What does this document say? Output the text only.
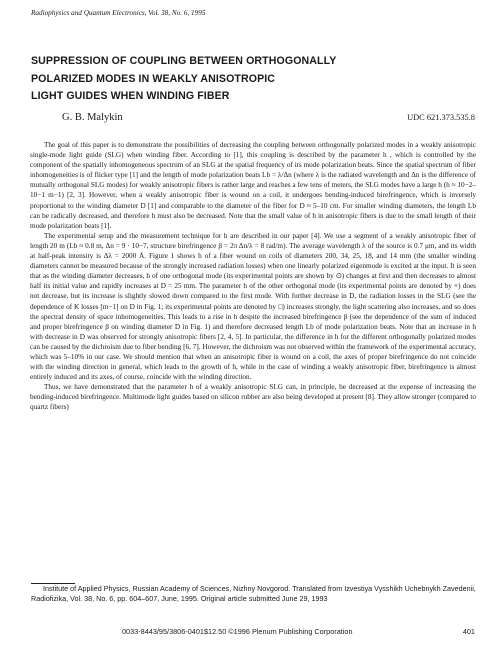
Radiophysics and Quantum Electronics, Vol. 38, No. 6, 1995
SUPPRESSION OF COUPLING BETWEEN ORTHOGONALLY
POLARIZED MODES IN WEAKLY ANISOTROPIC
LIGHT GUIDES WHEN WINDING FIBER
G. B. Malykin	UDC 621.373.535.8

The goal of this paper is to demonstrate the possibilities of decreasing the coupling between orthogonally polarized modes in a weakly anisotropic single-mode light guide (SLG) when winding fiber. According to [1], this coupling is described by the parameter h , which is controlled by the component of the spatially inhomogeneous spectrum of an SLG at the spatial frequency of its mode polarization beats. Since the spatial spectrum of fiber inhomogeneities is of flicker type [1] and the length of mode polarization beats Lb = λ/Δn (where λ is the radiated wavelength and Δn is the difference of mutually orthogonal SLG modes) for weakly anisotropic fibers is rather large and reaches a few tens of meters, the SLG modes have a large h (h ≈ 10−2–10−1 m−1) [2, 3]. However, when a weakly anisotropic fiber is wound on a coil, it undergoes bending-induced birefringence, which is inversely proportional to the winding diameter D [1] and comparable to the diameter of the fiber for D ≈ 5–10 cm. For smaller winding diameters, the length Lb can be radically decreased, and therefore h must also be decreased. Note that the small value of h in anisotropic fibers is due to the small length of their mode polarization beats [1].

The experimental setup and the measurement technique for h are described in our paper [4]. We use a segment of a weakly anisotropic fiber of length 20 m (Lb ≈ 0.8 m, Δn = 9 · 10−7, structure birefringence β = 2π Δn/λ = 8 rad/m). The average wavelength λ of the source is 0.7 μm, and its width at half-peak intensity is Δλ = 2000 Å. Figure 1 shows h of a fiber wound on coils of diameters 200, 34, 25, 18, and 14 mm (the smaller winding diameters cannot be measured because of the strongly increased radiation losses) when one linearly polarized eigenmode is excited at the input. It is seen that as the winding diameter decreases, h of one orthogonal mode (its experimental points are shown by ⊙) changes at first and then decreases to almost half its initial value and rapidly increases at D = 25 mm. The parameter h of the other orthogonal mode (its experimental points are denoted by ×) does not decrease, but its increase is slightly slowed down compared to the first mode. With further decrease in D, the radiation losses in the SLG (see the dependence of K losses [m−1] on D in Fig. 1; its experimental points are denoted by □) increases strongly, the light scattering also increases, and so does the spectral density of space inhomogeneities. This leads to a rise in h despite the increased birefringence β (see the dependence of the sum of induced and proper birefringence β on winding diameter D in Fig. 1) and therefore decreased length Lb of mode polarization beats. Note that an increase in h with decrease in D was observed for strongly anisotropic fibers [2, 4, 5]. In particular, the difference in h for the different orthogonally polarized modes can be caused by the dichroism due to fiber bending [6, 7]. However, the dichroism was not observed within the framework of the experimental accuracy, which was 5–10% in our case. We should mention that when an anisotropic fiber is wound on a coil, the axes of proper birefringence do not coincide with the winding direction in general, which leads to the growth of h, while in the case of winding a weakly anisotropic fiber, birefringence is almost entirely induced and its axes, of course, coincide with the winding direction.

Thus, we have demonstrated that the parameter h of a weakly anisotropic SLG can, in principle, be decreased at the expense of increasing the bending-induced birefringence. Multimode light guides based on silicon rubber are also being developed at present [8]. They allow stronger (compared to quartz fibers)

Institute of Applied Physics, Russian Academy of Sciences, Nizhny Novgorod. Translated from Izvestiya Vysshikh Uchebnykh Zavedenii, Radiofizika, Vol. 38, No. 6, pp. 604–607, June, 1995. Original article submitted June 29, 1993

0033-8443/95/3806-0401$12.50 ©1996 Plenum Publishing Corporation	401
